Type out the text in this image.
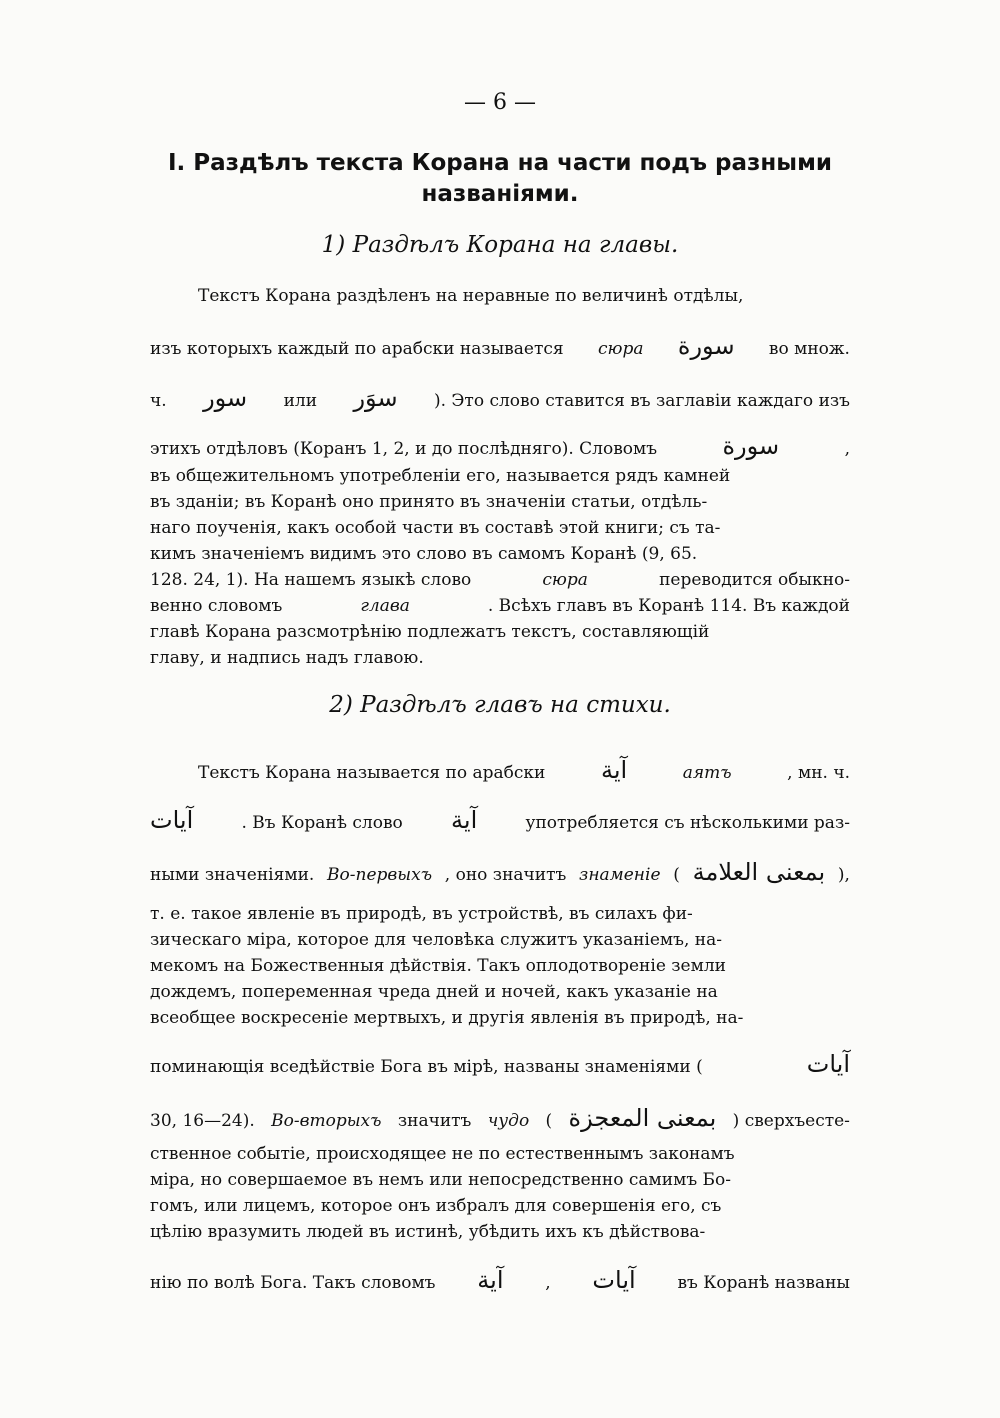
— 6 —
I. Раздѣлъ текста Корана на части подъ разными
названіями.
1) Раздѣлъ Корана на главы.
Текстъ Корана раздѣленъ на неравные по величинѣ отдѣлы,
изъ которыхъ каждый по арабски называется сюра سورة во множ.
ч. سور или سوَر ). Это слово ставится въ заглавіи каждаго изъ
этихъ отдѣловъ (Коранъ 1, 2, и до послѣдняго). Словомъ	سورة	,
въ общежительномъ употребленіи его, называется рядъ камней
въ зданіи; въ Коранѣ оно принято въ значеніи статьи, отдѣль-
наго поученія, какъ особой части въ составѣ этой книги; съ та-
кимъ значеніемъ видимъ это слово въ самомъ Коранѣ (9, 65.
128. 24, 1). На нашемъ языкѣ слово	сюра	переводится обыкно-
венно словомъ	глава	. Всѣхъ главъ въ Коранѣ 114. Въ каждой
главѣ Корана разсмотрѣнію подлежатъ текстъ, составляющій
главу, и надпись надъ главою.
2) Раздѣлъ главъ на стихи.
Текстъ Корана называется по арабски آية	аятъ	, мн. ч.
آيات	. Въ Коранѣ слово آية	употребляется съ нѣсколькими раз-
ными значеніями. Во-первыхъ , оно значитъ знаменіе ( بمعنى العلامة ),
т. е. такое явленіе въ природѣ, въ устройствѣ, въ силахъ фи-
зическаго міра, которое для человѣка служитъ указаніемъ, на-
мекомъ на Божественныя дѣйствія. Такъ оплодотвореніе земли
дождемъ, попеременная чреда дней и ночей, какъ указаніе на
всеобщее воскресеніе мертвыхъ, и другія явленія въ природѣ, на-
поминающія вседѣйствіе Бога въ мірѣ, названы знаменіями (	آيات
30, 16—24). Во-вторыхъ значитъ чудо ( بمعنى المعجزة ) сверхъесте-
ственное событіе, происходящее не по естественнымъ законамъ
міра, но совершаемое въ немъ или непосредственно самимъ Бо-
гомъ, или лицемъ, которое онъ избралъ для совершенія его, съ
цѣлію вразумить людей въ истинѣ, убѣдить ихъ къ дѣйствова-
нію по волѣ Бога. Такъ словомъ آية , آيات въ Коранѣ названы
